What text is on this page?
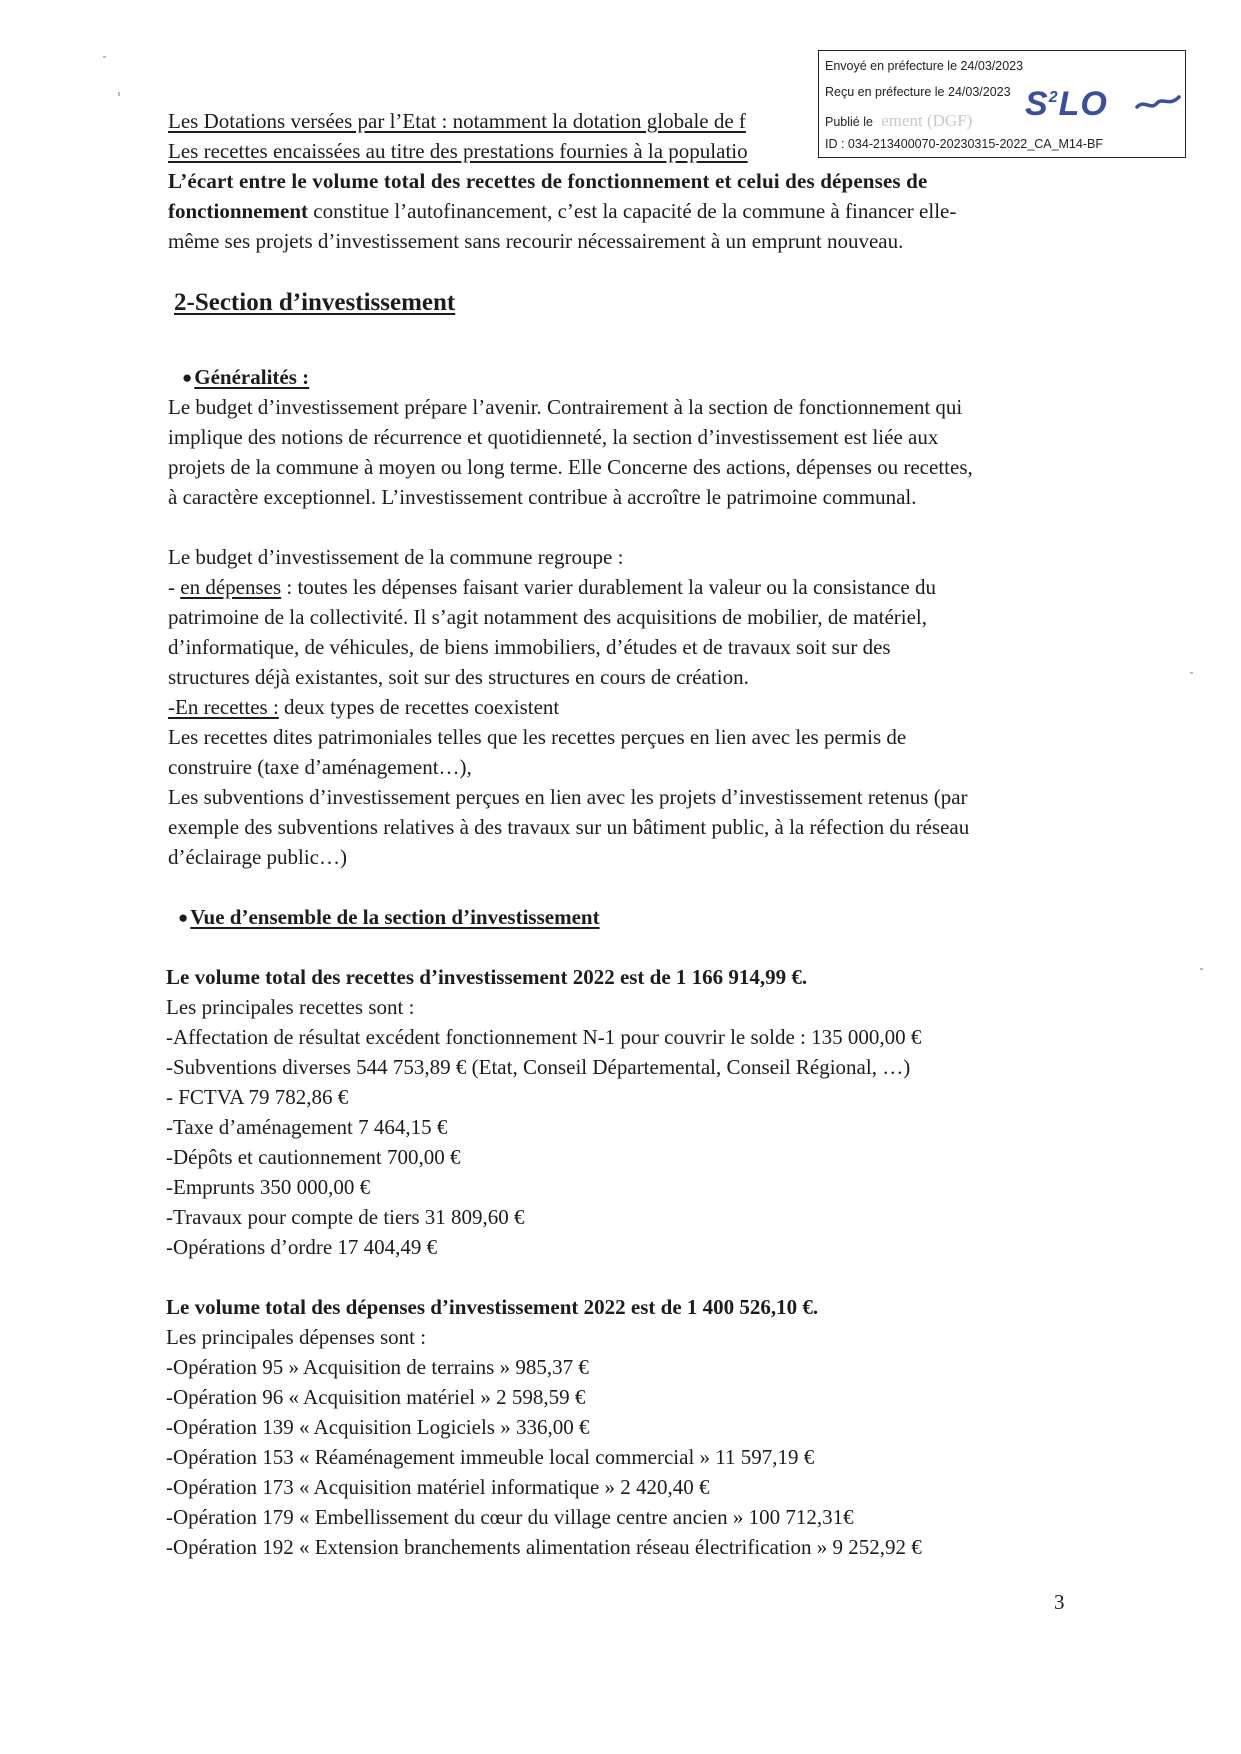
Les Dotations versées par l’Etat : notamment la dotation globale de f
Les recettes encaissées au titre des prestations fournies à la populatio
L’écart entre le volume total des recettes de fonctionnement et celui des dépenses de
fonctionnement constitue l’autofinancement, c’est la capacité de la commune à financer elle-
même ses projets d’investissement sans recourir nécessairement à un emprunt nouveau.
2-Section d’investissement
●Généralités :
Le budget d’investissement prépare l’avenir. Contrairement à la section de fonctionnement qui
implique des notions de récurrence et quotidienneté, la section d’investissement est liée aux
projets de la commune à moyen ou long terme. Elle Concerne des actions, dépenses ou recettes,
à caractère exceptionnel. L’investissement contribue à accroître le patrimoine communal.
Le budget d’investissement de la commune regroupe :
- en dépenses : toutes les dépenses faisant varier durablement la valeur ou la consistance du
patrimoine de la collectivité. Il s’agit notamment des acquisitions de mobilier, de matériel,
d’informatique, de véhicules, de biens immobiliers, d’études et de travaux soit sur des
structures déjà existantes, soit sur des structures en cours de création.
-En recettes : deux types de recettes coexistent
Les recettes dites patrimoniales telles que les recettes perçues en lien avec les permis de
construire (taxe d’aménagement…),
Les subventions d’investissement perçues en lien avec les projets d’investissement retenus (par
exemple des subventions relatives à des travaux sur un bâtiment public, à la réfection du réseau
d’éclairage public…)
●Vue d’ensemble de la section d’investissement
Le volume total des recettes d’investissement 2022 est de 1 166 914,99 €.
Les principales recettes sont :
-Affectation de résultat excédent fonctionnement N-1 pour couvrir le solde : 135 000,00 €
-Subventions diverses 544 753,89 € (Etat, Conseil Départemental, Conseil Régional, …)
- FCTVA 79 782,86 €
-Taxe d’aménagement 7 464,15 €
-Dépôts et cautionnement 700,00 €
-Emprunts 350 000,00 €
-Travaux pour compte de tiers 31 809,60 €
-Opérations d’ordre 17 404,49 €
Le volume total des dépenses d’investissement 2022 est de 1 400 526,10 €.
Les principales dépenses sont :
-Opération 95 » Acquisition de terrains » 985,37 €
-Opération 96 « Acquisition matériel » 2 598,59 €
-Opération 139 « Acquisition Logiciels » 336,00 €
-Opération 153 « Réaménagement immeuble local commercial » 11 597,19 €
-Opération 173 « Acquisition matériel informatique » 2 420,40 €
-Opération 179 « Embellissement du cœur du village centre ancien » 100 712,31€
-Opération 192 « Extension branchements alimentation réseau électrification » 9 252,92 €
3
Envoyé en préfecture le 24/03/2023
Reçu en préfecture le 24/03/2023
Publié le ement (DGF)
ID : 034-213400070-20230315-2022_CA_M14-BF
$S^2LO$
